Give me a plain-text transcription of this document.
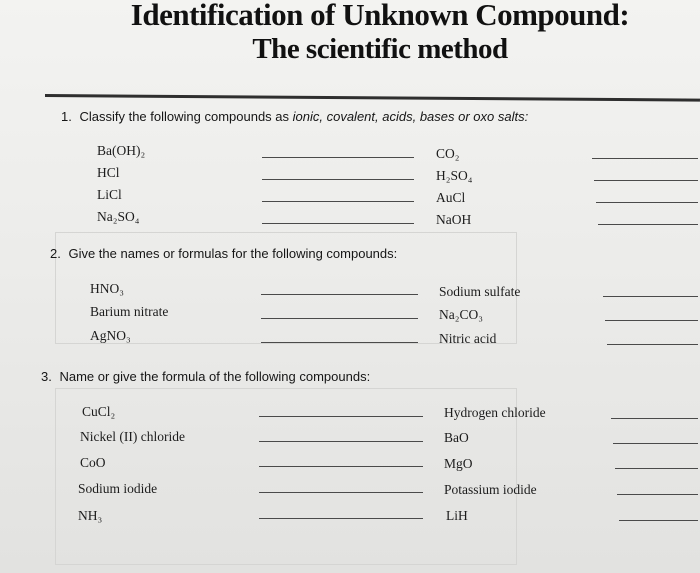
Identification of Unknown Compound:
The scientific method
1. Classify the following compounds as ionic, covalent, acids, bases or oxo salts:
Ba(OH)₂
HCl
LiCl
Na₂SO₄
CO₂
H₂SO₄
AuCl
NaOH
2. Give the names or formulas for the following compounds:
HNO₃
Barium nitrate
AgNO₃
Sodium sulfate
Na₂CO₃
Nitric acid
3. Name or give the formula of the following compounds:
CuCl₂
Nickel (II) chloride
CoO
Sodium iodide
NH₃
Hydrogen chloride
BaO
MgO
Potassium iodide
LiH
